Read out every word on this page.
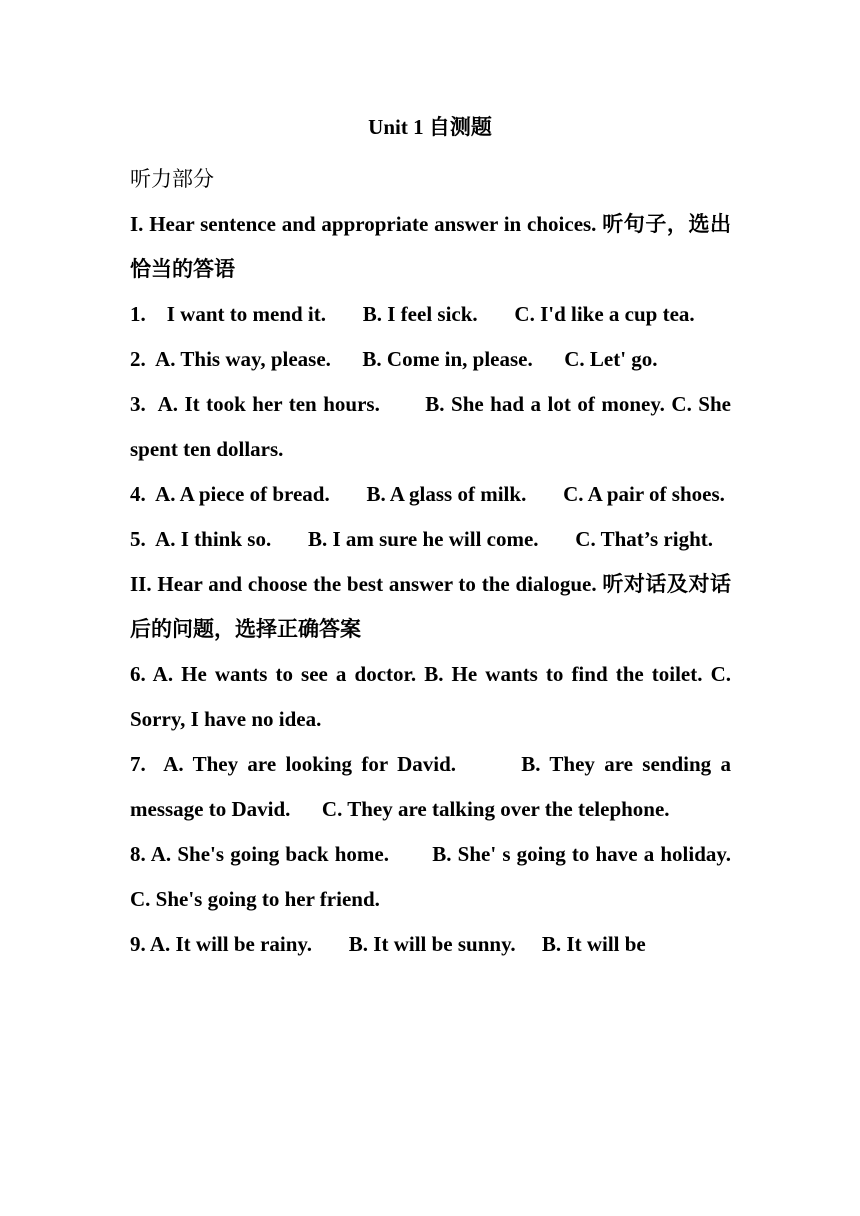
Unit 1 自测题

听力部分

I. Hear sentence and appropriate answer in choices. 听句子，选出恰当的答语

1.    I want to mend it.       B. I feel sick.       C. I'd like a cup tea.

2.  A. This way, please.      B. Come in, please.      C. Let' go.

3.  A. It took her ten hours.       B. She had a lot of money. C. She spent ten dollars.

4.  A. A piece of bread.       B. A glass of milk.       C. A pair of shoes.

5.  A. I think so.       B. I am sure he will come.       C. That’s right.

II. Hear and choose the best answer to the dialogue. 听对话及对话后的问题，选择正确答案

6. A. He wants to see a doctor. B. He wants to find the toilet. C. Sorry, I have no idea.

7.  A. They are looking for David.       B. They are sending a message to David.      C. They are talking over the telephone.

8. A. She's going back home.       B. She' s going to have a holiday.      C. She's going to her friend.

9. A. It will be rainy.       B. It will be sunny.     B. It will be
